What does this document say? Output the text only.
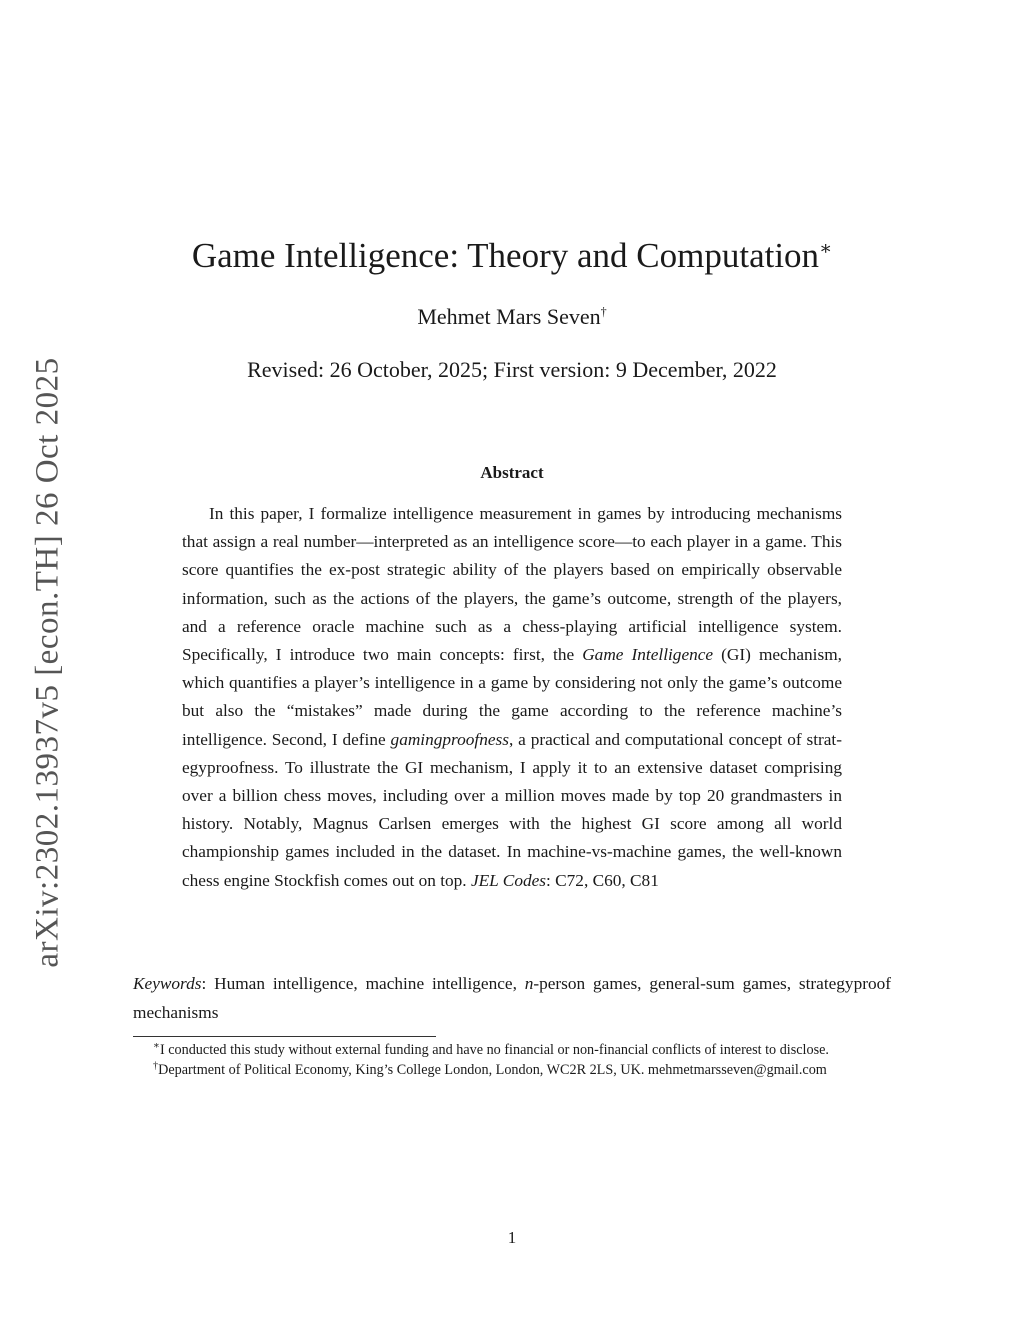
arXiv:2302.13937v5 [econ.TH] 26 Oct 2025
Game Intelligence: Theory and Computation∗
Mehmet Mars Seven†
Revised: 26 October, 2025; First version: 9 December, 2022
Abstract

In this paper, I formalize intelligence measurement in games by introducing mechanisms that assign a real number—interpreted as an intelligence score—to each player in a game. This score quantifies the ex-post strategic ability of the players based on empirically observable information, such as the actions of the players, the game’s outcome, strength of the players, and a reference oracle machine such as a chess-playing artificial intelligence system. Specifically, I introduce two main concepts: first, the Game Intelligence (GI) mechanism, which quantifies a player’s intelligence in a game by considering not only the game’s outcome but also the “mistakes” made during the game according to the reference machine’s intelligence. Second, I define gamingproofness, a practical and computational concept of strategyproofness. To illustrate the GI mechanism, I apply it to an extensive dataset comprising over a billion chess moves, including over a million moves made by top 20 grandmasters in history. Notably, Magnus Carlsen emerges with the highest GI score among all world championship games included in the dataset. In machine-vs-machine games, the well-known chess engine Stockfish comes out on top. JEL Codes: C72, C60, C81

Keywords: Human intelligence, machine intelligence, n-person games, general-sum games, strategyproof mechanisms

∗I conducted this study without external funding and have no financial or non-financial conflicts of interest to disclose.

†Department of Political Economy, King’s College London, London, WC2R 2LS, UK. mehmetmarsseven@gmail.com

1
